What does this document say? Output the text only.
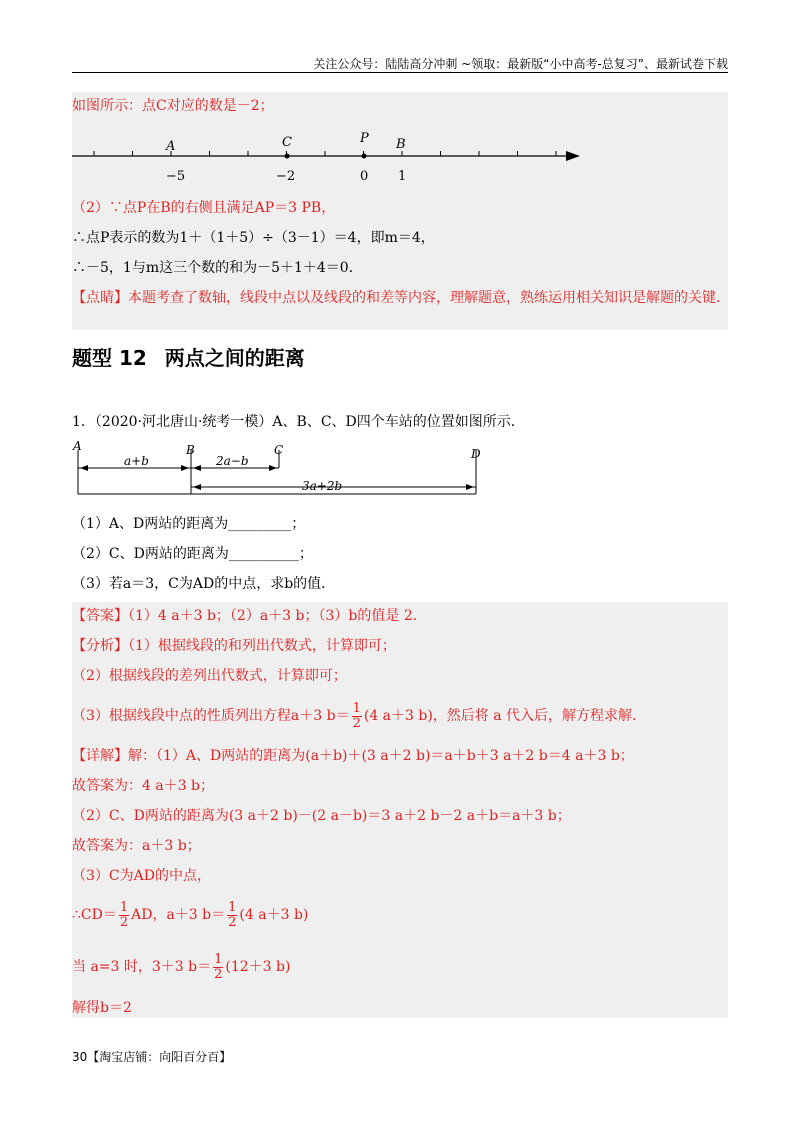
关注公众号：陆陆高分冲刺 ~领取：最新版“小中高考-总复习”、最新试卷下载
如图所示：点C对应的数是－2；
A	C	P B
−5	−2	0 1
（2）∵点P在B的右侧且满足AP＝3 PB，
∴点P表示的数为1＋（1＋5）÷（3－1）＝4，即m＝4，
∴－5，1与m这三个数的和为－5＋1＋4＝0．
【点睛】本题考查了数轴，线段中点以及线段的和差等内容，理解题意，熟练运用相关知识是解题的关键．
题型 12 两点之间的距离
1．（2020·河北唐山·统考一模）A、B、C、D四个车站的位置如图所示．
A	B	C	D
a+b	2a−b
3a+2b
（1）A、D两站的距离为_________；
（2）C、D两站的距离为__________；
（3）若a＝3，C为AD的中点，求b的值．
【答案】（1）4 a＋3 b；（2）a＋3 b；（3）b的值是 2．
【分析】（1）根据线段的和列出代数式，计算即可；
（2）根据线段的差列出代数式，计算即可；
（3）根据线段中点的性质列出方程a＋3 $b= \frac{1}{2} (4$ a＋3 b)，然后将 a 代入后，解方程求解．
【详解】解：（1）A、D两站的距离为(a＋b)＋(3 a＋2 b)＝a＋b＋3 a＋2 b＝4 a＋3 b；
故答案为：4 a＋3 b；
（2）C、D两站的距离为(3 a＋2 b)－(2 a－b)＝3 a＋2 b－2 a＋b＝a＋3 b；
故答案为：a＋3 b；
（3）C为AD的中点，
∴CD＝ $\frac{1}{2}$ AD，a＋3 $b= \frac{1}{2} (4$ a＋3 b)
当 a=3 时，3＋3 $b= \frac{1}{2} (12+3$ b)
解得b＝2
30【淘宝店铺：向阳百分百】
